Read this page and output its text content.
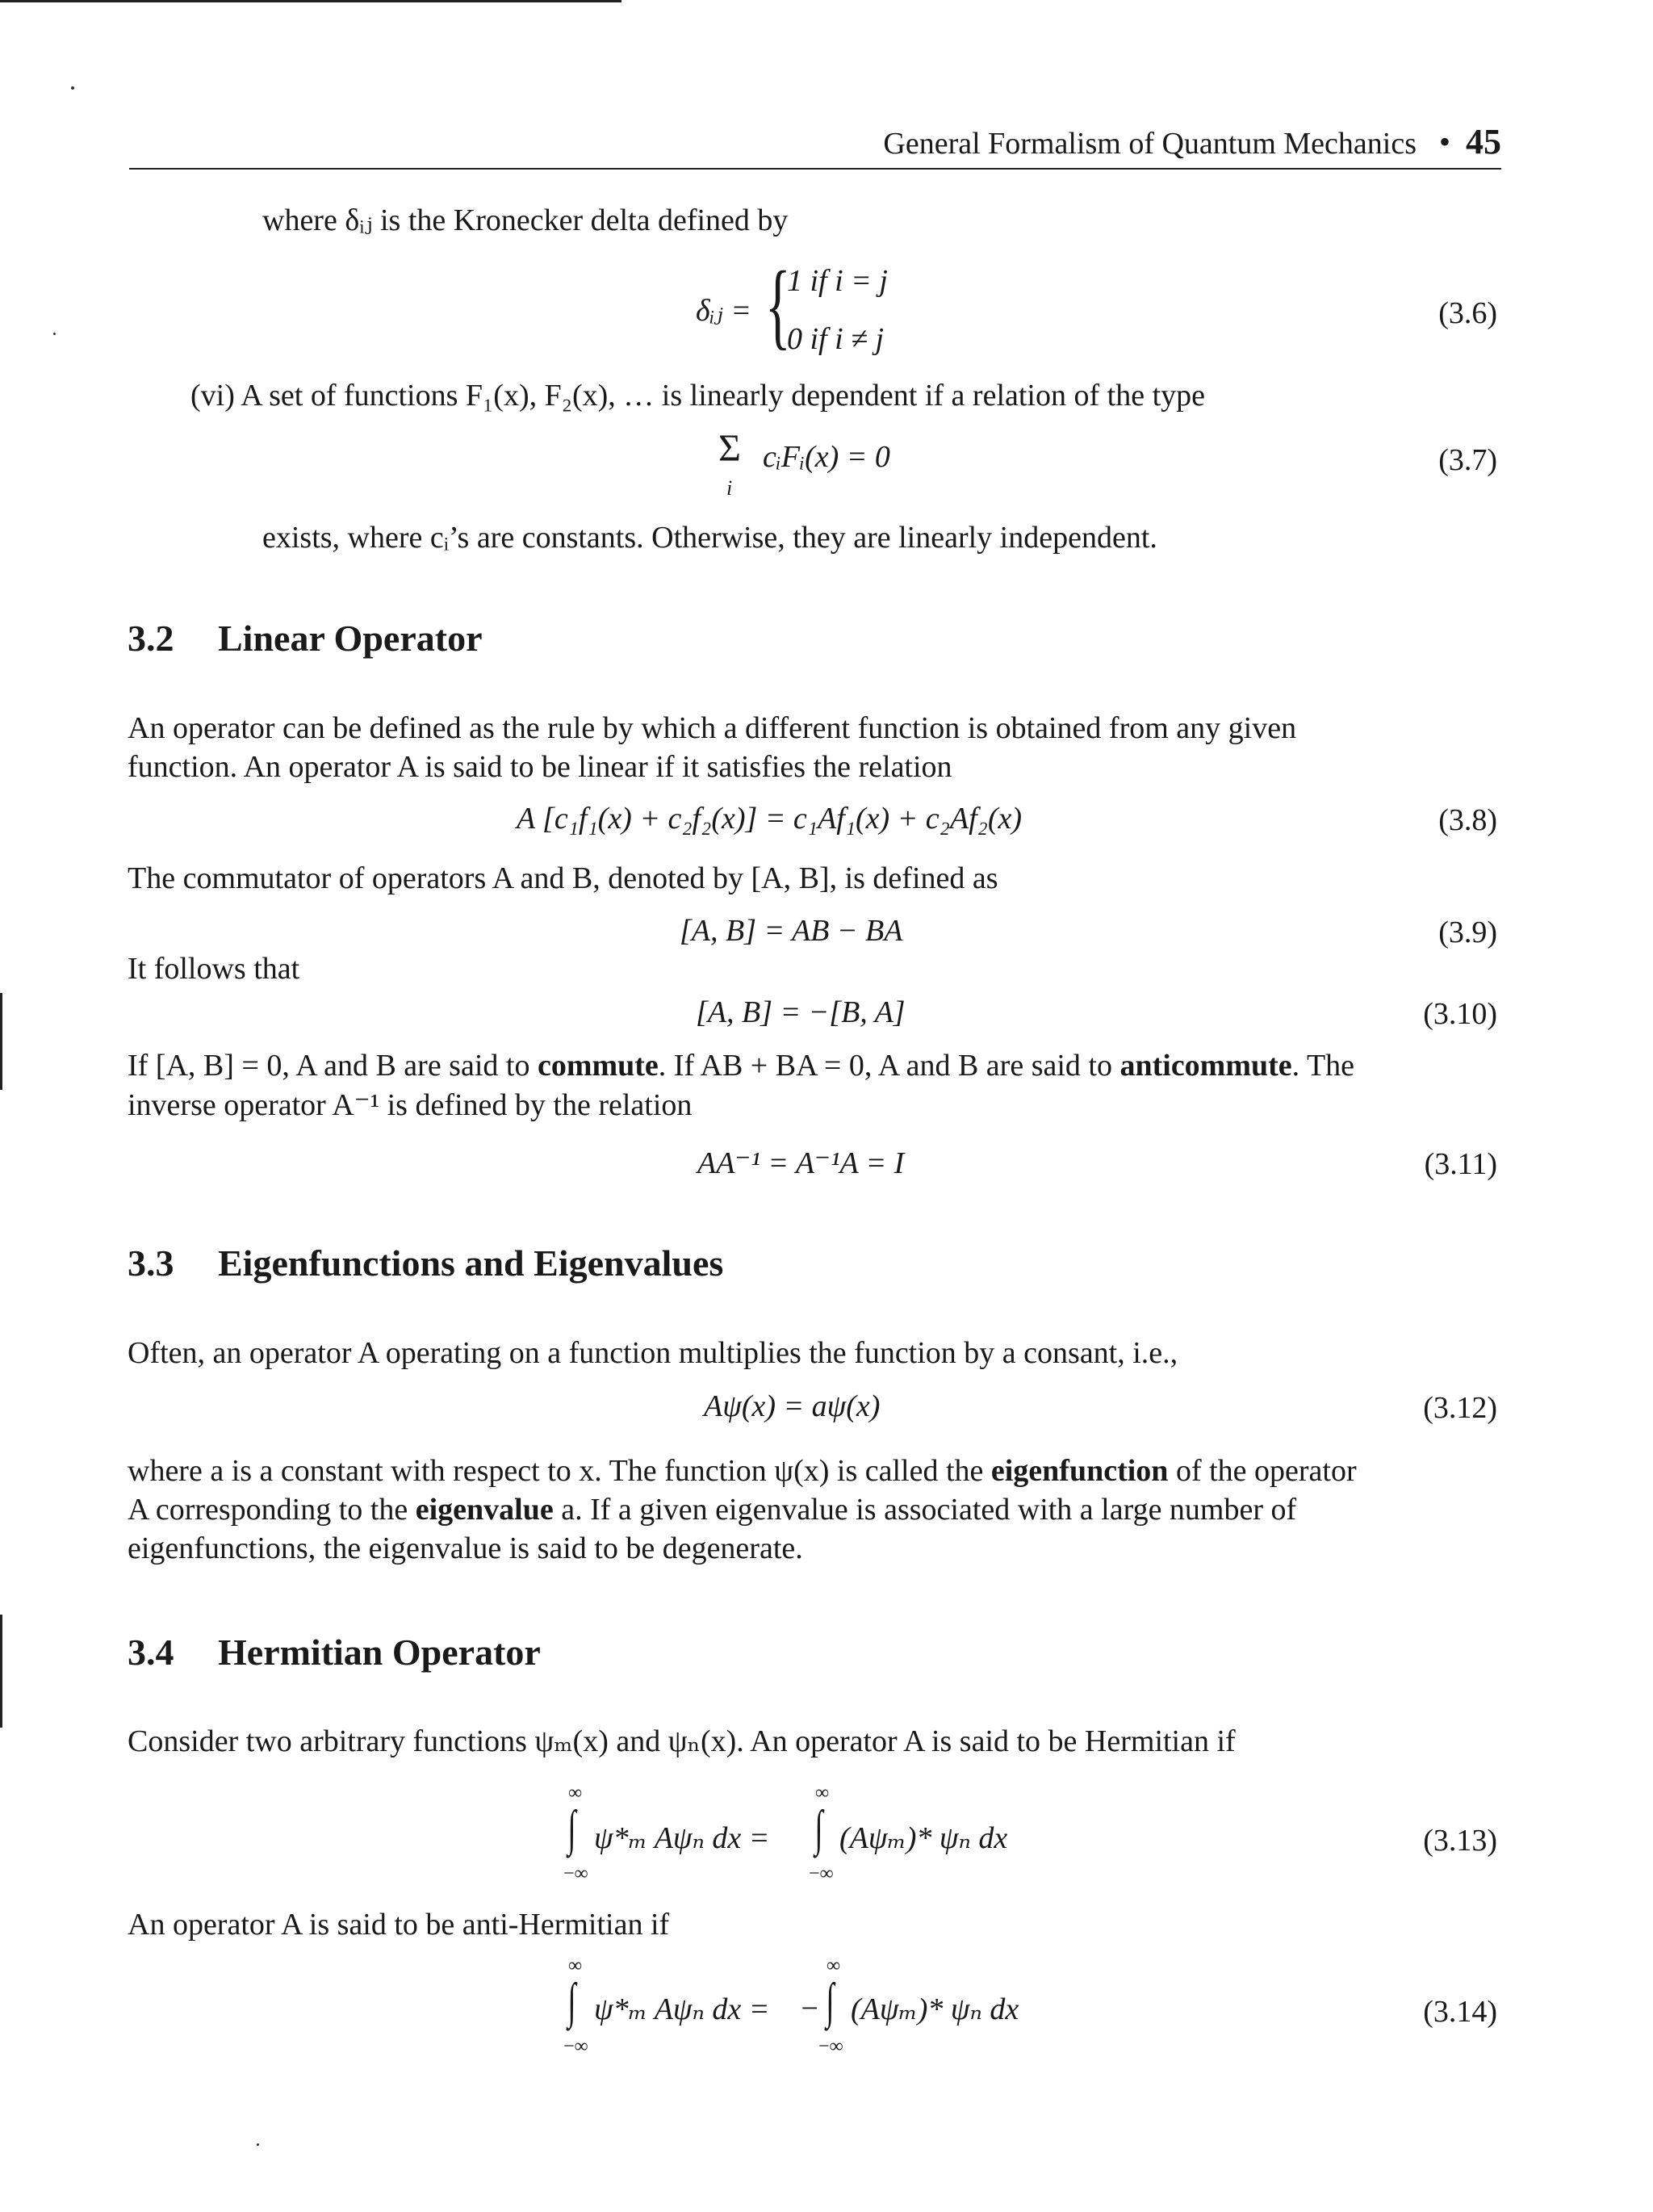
General Formalism of Quantum Mechanics • 45
where δᵢⱼ is the Kronecker delta defined by
δᵢⱼ = {
1 if i = j
0 if i ≠ j
(3.6)
(vi) A set of functions F₁(x), F₂(x), … is linearly dependent if a relation of the type
Σ
i
cᵢFᵢ(x) = 0	(3.7)
exists, where cᵢ’s are constants. Otherwise, they are linearly independent.
3.2 Linear Operator
An operator can be defined as the rule by which a different function is obtained from any given
function. An operator A is said to be linear if it satisfies the relation
A [c₁f₁(x) + c₂f₂(x)] = c₁Af₁(x) + c₂Af₂(x)	(3.8)
The commutator of operators A and B, denoted by [A, B], is defined as
[A, B] = AB − BA	(3.9)
It follows that
[A, B] = −[B, A]	(3.10)
If [A, B] = 0, A and B are said to commute. If AB + BA = 0, A and B are said to anticommute. The
inverse operator A⁻¹ is defined by the relation
AA⁻¹ = A⁻¹A = I	(3.11)
3.3 Eigenfunctions and Eigenvalues
Often, an operator A operating on a function multiplies the function by a consant, i.e.,
Aψ(x) = aψ(x)	(3.12)
where a is a constant with respect to x. The function ψ(x) is called the eigenfunction of the operator
A corresponding to the eigenvalue a. If a given eigenvalue is associated with a large number of
eigenfunctions, the eigenvalue is said to be degenerate.
3.4 Hermitian Operator
Consider two arbitrary functions ψₘ(x) and ψₙ(x). An operator A is said to be Hermitian if
∞
∫
−∞
ψ*ₘ Aψₙ dx =
∞
∫
−∞
(Aψₘ)* ψₙ dx	(3.13)
An operator A is said to be anti-Hermitian if
∞
∫
−∞
ψ*ₘ Aψₙ dx = −
∞
∫
−∞
(Aψₘ)* ψₙ dx	(3.14)
